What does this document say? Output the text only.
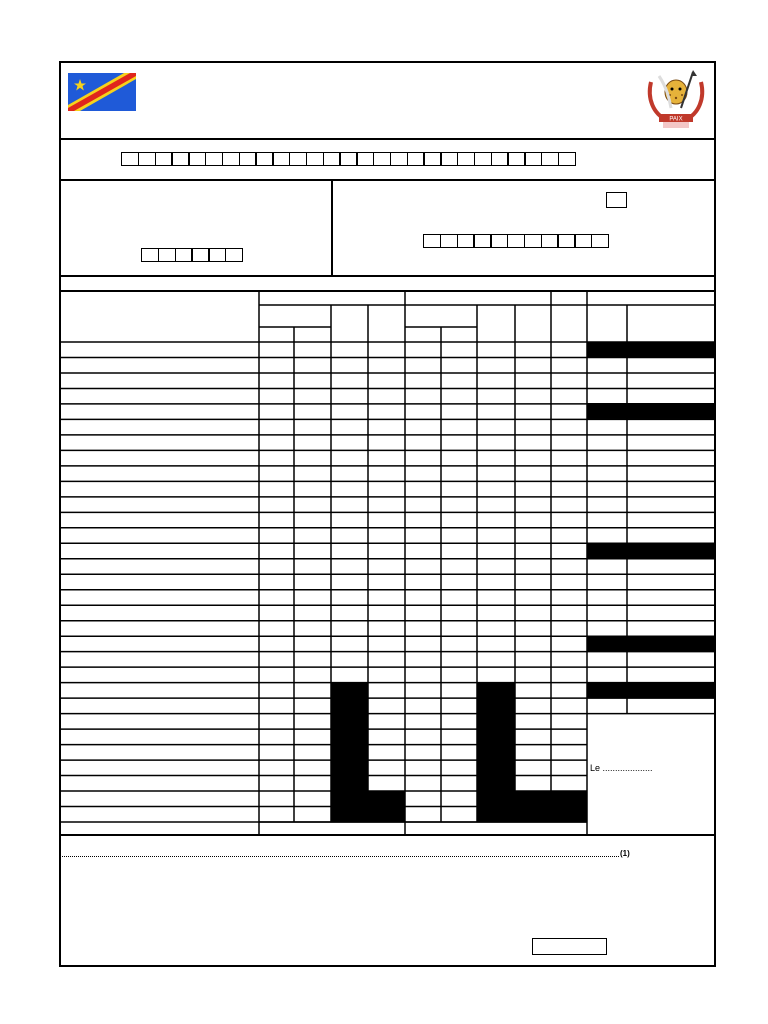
PAIX
Le ....................
(1)
